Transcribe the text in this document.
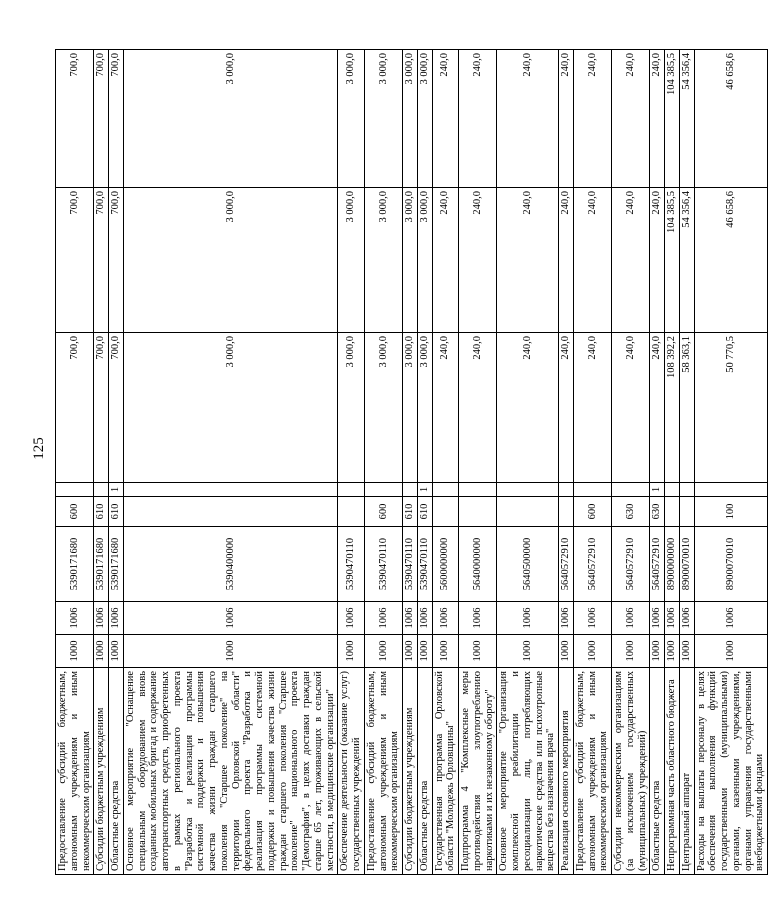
125
Предоставление субсидий бюджетным, автономным учреждениям и иным некоммерческим организациям	1000	1006	5390171680	600		700,0	700,0	700,0
Субсидии бюджетным учреждениям	1000	1006	5390171680	610		700,0	700,0	700,0
Областные средства	1000	1006	5390171680	610	1	700,0	700,0	700,0
Основное мероприятие "Оснащение специальным оборудованием вновь созданных мобильных бригад и содержание автотранспортных средств, приобретенных в рамках регионального проекта "Разработка и реализация программы системной поддержки и повышения качества жизни граждан старшего поколения "Старшее поколение" на территории Орловской области" федерального проекта "Разработка и реализация программы системной поддержки и повышения качества жизни граждан старшего поколения "Старшее поколение" национального проекта "Демография", в целях доставки граждан старше 65 лет, проживающих в сельской местности, в медицинские организации"	1000	1006	5390400000			3 000,0	3 000,0	3 000,0
Обеспечение деятельности (оказание услуг) государственных учреждений	1000	1006	5390470110			3 000,0	3 000,0	3 000,0
Предоставление субсидий бюджетным, автономным учреждениям и иным некоммерческим организациям	1000	1006	5390470110	600		3 000,0	3 000,0	3 000,0
Субсидии бюджетным учреждениям	1000	1006	5390470110	610		3 000,0	3 000,0	3 000,0
Областные средства	1000	1006	5390470110	610	1	3 000,0	3 000,0	3 000,0
Государственная программа Орловской области "Молодежь Орловщины"	1000	1006	5600000000			240,0	240,0	240,0
Подпрограмма 4 "Комплексные меры противодействия злоупотреблению наркотиками и их незаконному обороту"	1000	1006	5640000000			240,0	240,0	240,0
Основное мероприятие "Организация комплексной реабилитации и ресоциализации лиц, потребляющих наркотические средства или психотропные вещества без назначения врача"	1000	1006	5640500000			240,0	240,0	240,0
Реализация основного мероприятия	1000	1006	5640572910			240,0	240,0	240,0
Предоставление субсидий бюджетным, автономным учреждениям и иным некоммерческим организациям	1000	1006	5640572910	600		240,0	240,0	240,0
Субсидии некоммерческим организациям (за исключением государственных (муниципальных) учреждений)	1000	1006	5640572910	630		240,0	240,0	240,0
Областные средства	1000	1006	5640572910	630	1	240,0	240,0	240,0
Непрограммная часть областного бюджета	1000	1006	8900000000			108 392,2	104 385,5	104 385,5
Центральный аппарат	1000	1006	8900070010			58 363,1	54 356,4	54 356,4
Расходы на выплаты персоналу в целях обеспечения выполнения функций государственными (муниципальными) органами, казенными учреждениями, органами управления государственными внебюджетными фондами	1000	1006	8900070010	100		50 770,5	46 658,6	46 658,6
